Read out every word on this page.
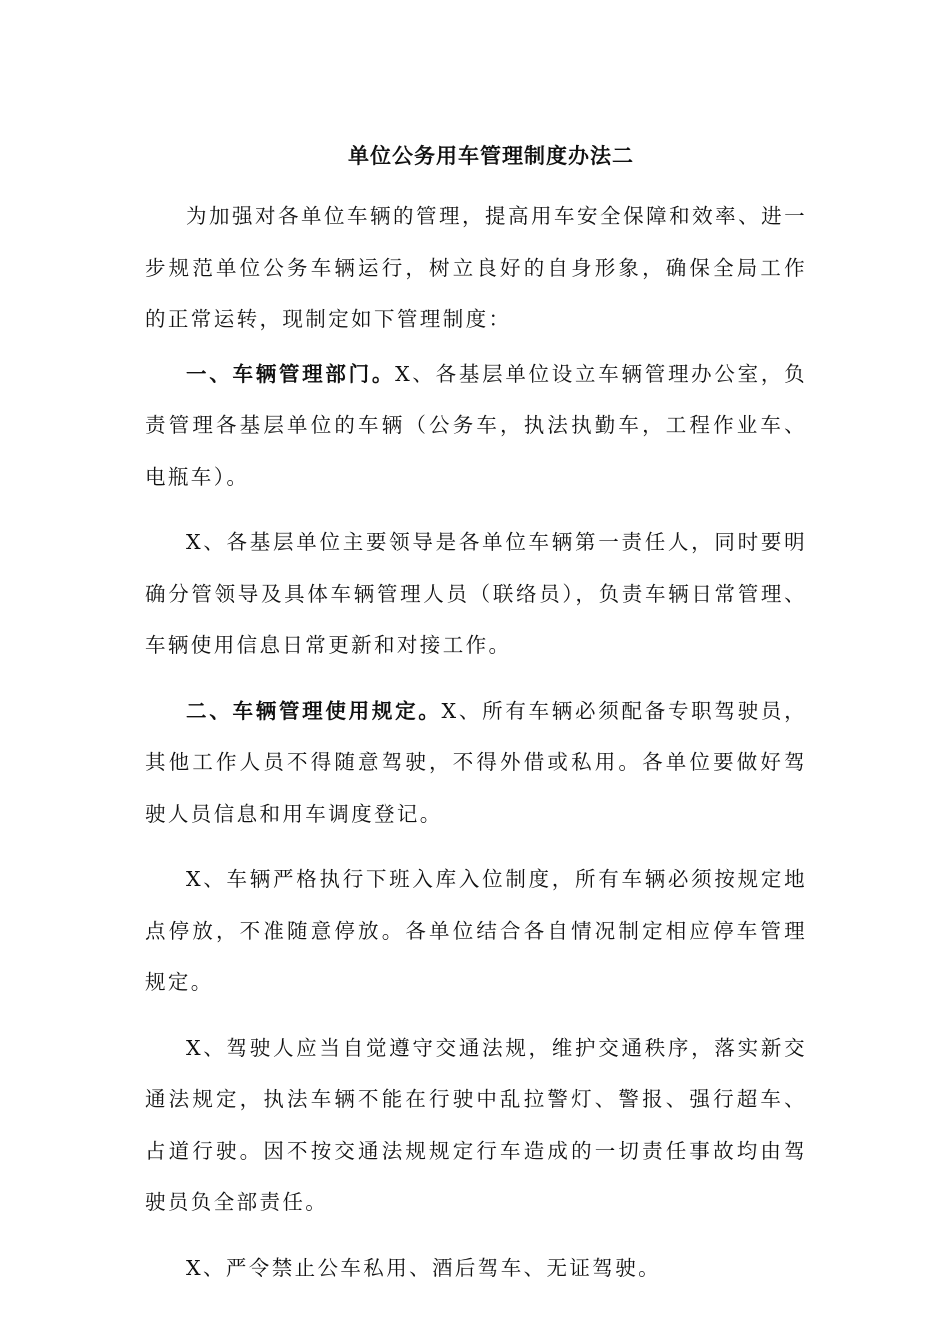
单位公务用车管理制度办法二

为加强对各单位车辆的管理，提高用车安全保障和效率、进一步规范单位公务车辆运行，树立良好的自身形象，确保全局工作的正常运转，现制定如下管理制度：

一、车辆管理部门。X、各基层单位设立车辆管理办公室，负责管理各基层单位的车辆（公务车，执法执勤车，工程作业车、电瓶车）。

X、各基层单位主要领导是各单位车辆第一责任人，同时要明确分管领导及具体车辆管理人员（联络员），负责车辆日常管理、车辆使用信息日常更新和对接工作。

二、车辆管理使用规定。X、所有车辆必须配备专职驾驶员，其他工作人员不得随意驾驶，不得外借或私用。各单位要做好驾驶人员信息和用车调度登记。

X、车辆严格执行下班入库入位制度，所有车辆必须按规定地点停放，不准随意停放。各单位结合各自情况制定相应停车管理规定。

X、驾驶人应当自觉遵守交通法规，维护交通秩序，落实新交通法规定，执法车辆不能在行驶中乱拉警灯、警报、强行超车、占道行驶。因不按交通法规规定行车造成的一切责任事故均由驾驶员负全部责任。

X、严令禁止公车私用、酒后驾车、无证驾驶。
